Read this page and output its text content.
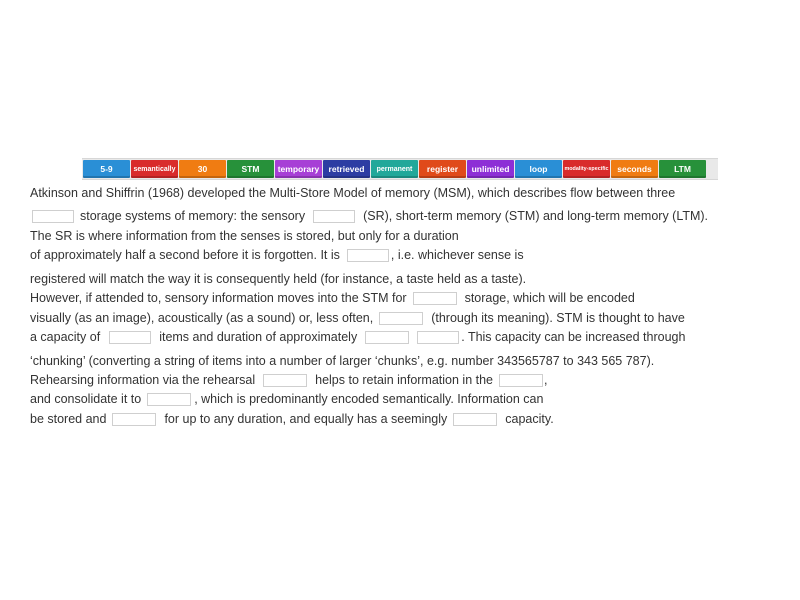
5-9	semantically	30	STM	temporary	retrieved	permanent	register	unlimited	loop	modality-specific	seconds	LTM
Atkinson and Shiffrin (1968) developed the Multi-Store Model of memory (MSM), which describes flow between three
storage systems of memory: the sensory	(SR), short-term memory (STM) and long-term memory (LTM).
The SR is where information from the senses is stored, but only for a duration
of approximately half a second before it is forgotten. It is	, i.e. whichever sense is
registered will match the way it is consequently held (for instance, a taste held as a taste).
However, if attended to, sensory information moves into the STM for	storage, which will be encoded
visually (as an image), acoustically (as a sound) or, less often,	(through its meaning). STM is thought to have
a capacity of	items and duration of approximately	. This capacity can be increased through
‘chunking’ (converting a string of items into a number of larger ‘chunks’, e.g. number 343565787 to 343 565 787).
Rehearsing information via the rehearsal	helps to retain information in the	,
and consolidate it to	, which is predominantly encoded semantically. Information can
be stored and	for up to any duration, and equally has a seemingly	capacity.
